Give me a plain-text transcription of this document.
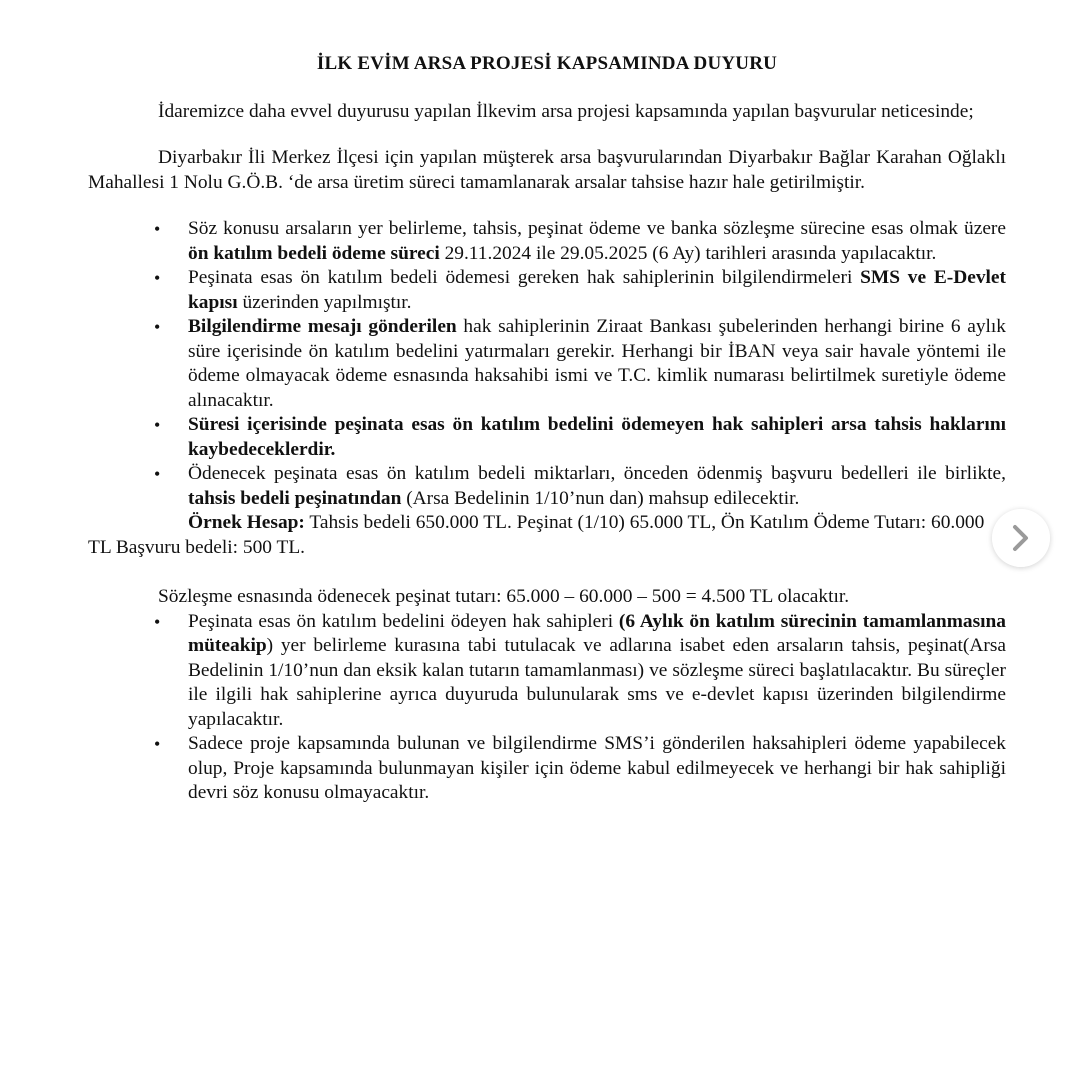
İLK EVİM ARSA PROJESİ KAPSAMINDA DUYURU

İdaremizce daha evvel duyurusu yapılan İlkevim arsa projesi kapsamında yapılan başvurular neticesinde;

Diyarbakır İli Merkez İlçesi için yapılan müşterek arsa başvurularından Diyarbakır Bağlar Karahan Oğlaklı Mahallesi 1 Nolu G.Ö.B. ‘de arsa üretim süreci tamamlanarak arsalar tahsise hazır hale getirilmiştir.

• Söz konusu arsaların yer belirleme, tahsis, peşinat ödeme ve banka sözleşme sürecine esas olmak üzere ön katılım bedeli ödeme süreci 29.11.2024 ile 29.05.2025 (6 Ay) tarihleri arasında yapılacaktır.
• Peşinata esas ön katılım bedeli ödemesi gereken hak sahiplerinin bilgilendirmeleri SMS ve E-Devlet kapısı üzerinden yapılmıştır.
• Bilgilendirme mesajı gönderilen hak sahiplerinin Ziraat Bankası şubelerinden herhangi birine 6 aylık süre içerisinde ön katılım bedelini yatırmaları gerekir. Herhangi bir İBAN veya sair havale yöntemi ile ödeme olmayacak ödeme esnasında haksahibi ismi ve T.C. kimlik numarası belirtilmek suretiyle ödeme alınacaktır.
• Süresi içerisinde peşinata esas ön katılım bedelini ödemeyen hak sahipleri arsa tahsis haklarını kaybedeceklerdir.
• Ödenecek peşinata esas ön katılım bedeli miktarları, önceden ödenmiş başvuru bedelleri ile birlikte, tahsis bedeli peşinatından (Arsa Bedelinin 1/10’nun dan) mahsup edilecektir.

Örnek Hesap: Tahsis bedeli 650.000 TL. Peşinat (1/10) 65.000 TL, Ön Katılım Ödeme Tutarı: 60.000 TL Başvuru bedeli: 500 TL.

Sözleşme esnasında ödenecek peşinat tutarı: 65.000 – 60.000 – 500 = 4.500 TL olacaktır.

• Peşinata esas ön katılım bedelini ödeyen hak sahipleri (6 Aylık ön katılım sürecinin tamamlanmasına müteakip) yer belirleme kurasına tabi tutulacak ve adlarına isabet eden arsaların tahsis, peşinat(Arsa Bedelinin 1/10’nun dan eksik kalan tutarın tamamlanması) ve sözleşme süreci başlatılacaktır. Bu süreçler ile ilgili hak sahiplerine ayrıca duyuruda bulunularak sms ve e-devlet kapısı üzerinden bilgilendirme yapılacaktır.
• Sadece proje kapsamında bulunan ve bilgilendirme SMS’i gönderilen haksahipleri ödeme yapabilecek olup, Proje kapsamında bulunmayan kişiler için ödeme kabul edilmeyecek ve herhangi bir hak sahipliği devri söz konusu olmayacaktır.
